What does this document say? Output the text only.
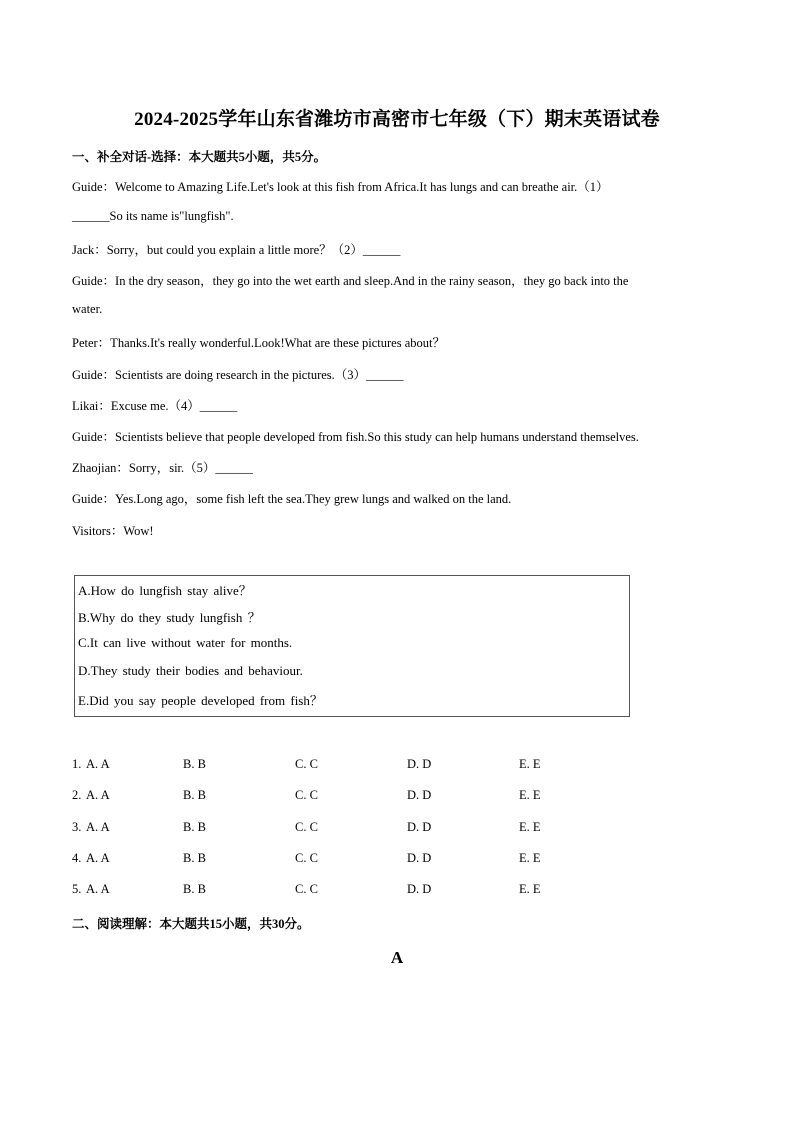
2024-2025学年山东省潍坊市高密市七年级（下）期末英语试卷
一、补全对话-选择：本大题共5小题，共5分。
Guide：Welcome to Amazing Life.Let's look at this fish from Africa.It has lungs and can breathe air.（1）
______So its name is"lungfish".
Jack：Sorry，but could you explain a little more？（2）______
Guide：In the dry season，they go into the wet earth and sleep.And in the rainy season，they go back into the
water.
Peter：Thanks.It's really wonderful.Look!What are these pictures about？
Guide：Scientists are doing research in the pictures.（3）______
Likai：Excuse me.（4）______
Guide：Scientists believe that people developed from fish.So this study can help humans understand themselves.
Zhaojian：Sorry，sir.（5）______
Guide：Yes.Long ago，some fish left the sea.They grew lungs and walked on the land.
Visitors：Wow!
A.How do lungfish stay alive？
B.Why do they study lungfish ？
C.It can live without water for months.
D.They study their bodies and behaviour.
E.Did you say people developed from fish？
1. A. A	B. B	C. C	D. D	E. E
2. A. A	B. B	C. C	D. D	E. E
3. A. A	B. B	C. C	D. D	E. E
4. A. A	B. B	C. C	D. D	E. E
5. A. A	B. B	C. C	D. D	E. E
二、阅读理解：本大题共15小题，共30分。
A
